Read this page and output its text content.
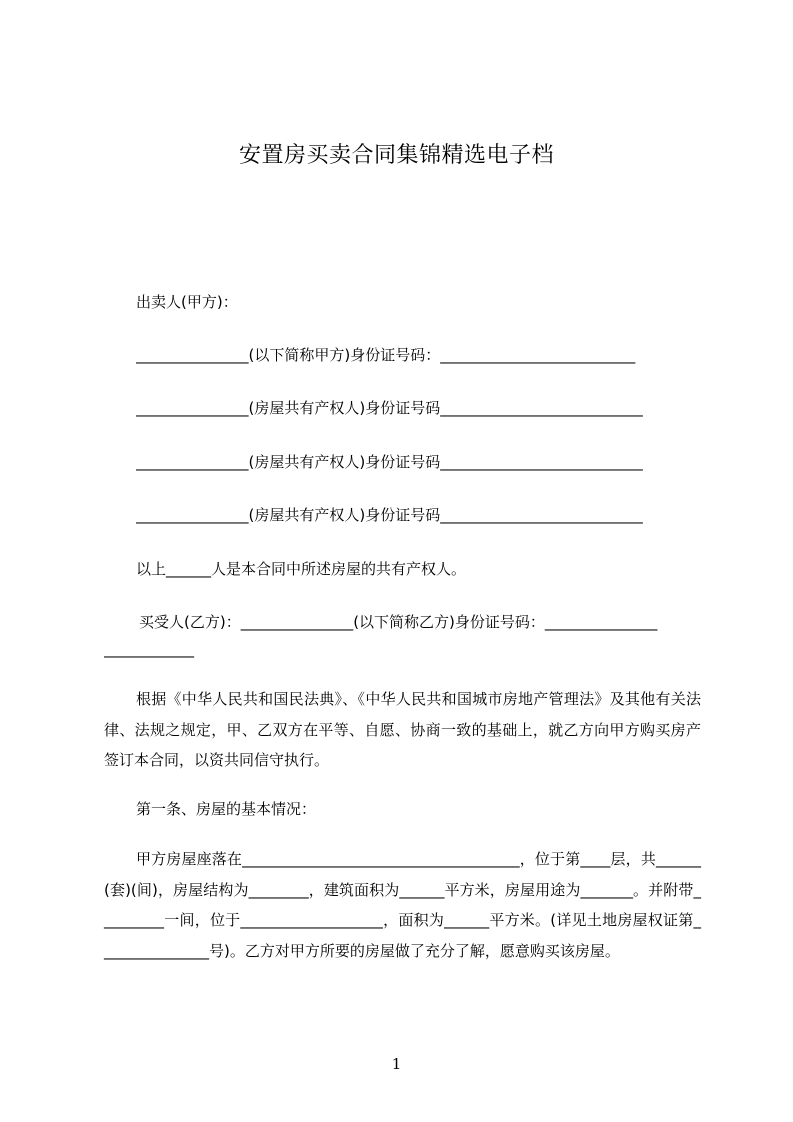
安置房买卖合同集锦精选电子档
出卖人(甲方)：
_______________(以下简称甲方)身份证号码：__________________________
_______________(房屋共有产权人)身份证号码___________________________
_______________(房屋共有产权人)身份证号码___________________________
_______________(房屋共有产权人)身份证号码___________________________
以上______人是本合同中所述房屋的共有产权人。
买受人(乙方)：_______________(以下简称乙方)身份证号码：_______________
____________
根据《中华人民共和国民法典》、《中华人民共和国城市房地产管理法》及其他有关法律、法规之规定，甲、乙双方在平等、自愿、协商一致的基础上，就乙方向甲方购买房产签订本合同，以资共同信守执行。
第一条、房屋的基本情况：
甲方房屋座落在_____________________________________，位于第____层，共______(套)(间)，房屋结构为________，建筑面积为______平方米，房屋用途为_______。并附带_________一间，位于___________________，面积为______平方米。(详见土地房屋权证第_______________号)。乙方对甲方所要的房屋做了充分了解，愿意购买该房屋。
1
